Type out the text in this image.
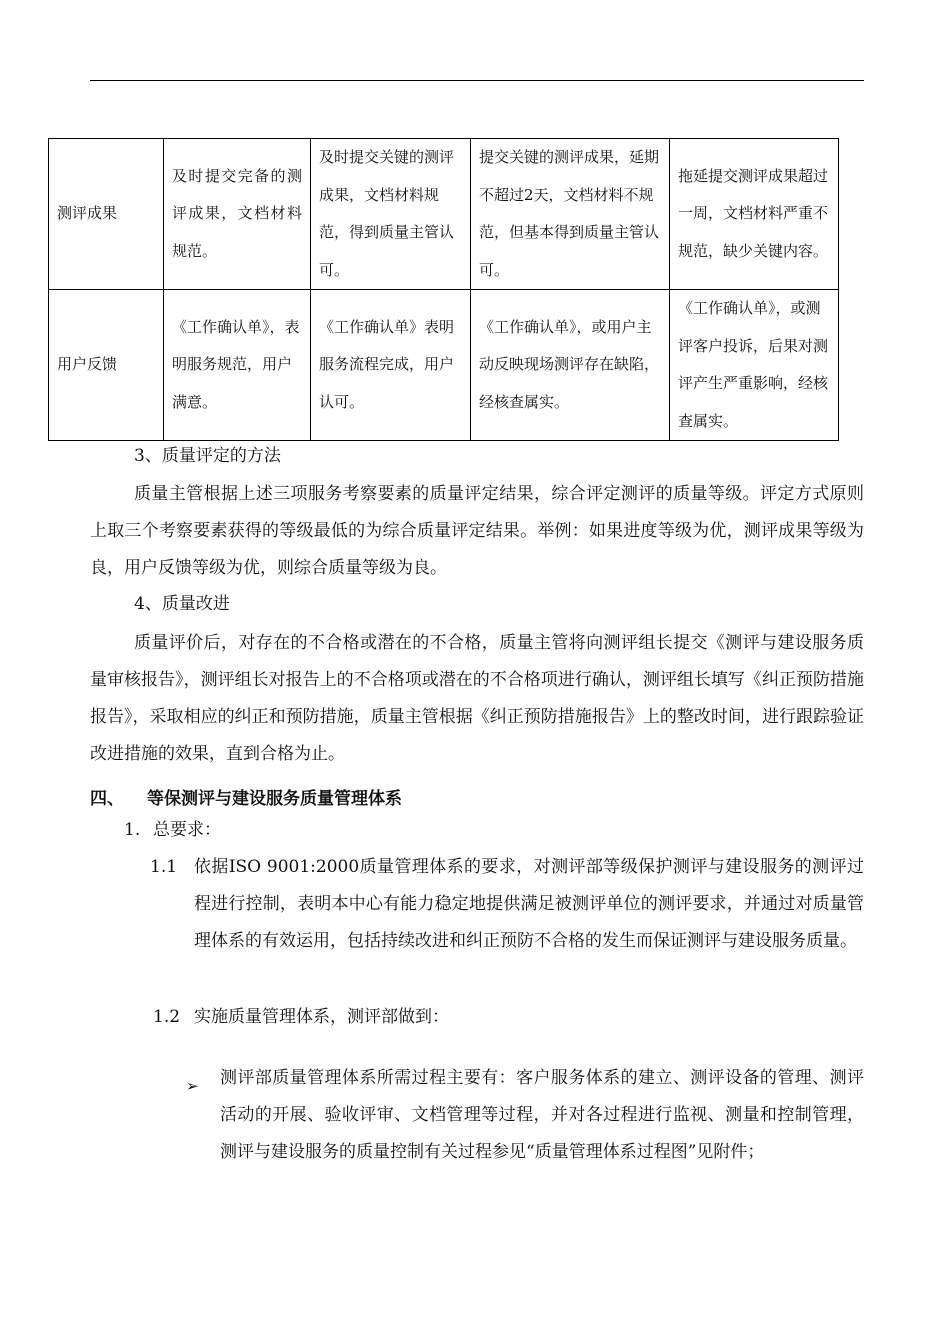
测评成果	及时提交完备的测评成果，文档材料规范。	及时提交关键的测评成果，文档材料规范，得到质量主管认可。	提交关键的测评成果，延期不超过2天，文档材料不规范，但基本得到质量主管认可。	拖延提交测评成果超过一周，文档材料严重不规范，缺少关键内容。
用户反馈	《工作确认单》，表明服务规范，用户满意。	《工作确认单》表明服务流程完成，用户认可。	《工作确认单》，或用户主动反映现场测评存在缺陷，经核查属实。	《工作确认单》，或测评客户投诉，后果对测评产生严重影响，经核查属实。

3、质量评定的方法

质量主管根据上述三项服务考察要素的质量评定结果，综合评定测评的质量等级。评定方式原则上取三个考察要素获得的等级最低的为综合质量评定结果。举例：如果进度等级为优，测评成果等级为良，用户反馈等级为优，则综合质量等级为良。

4、质量改进

质量评价后，对存在的不合格或潜在的不合格，质量主管将向测评组长提交《测评与建设服务质量审核报告》，测评组长对报告上的不合格项或潜在的不合格项进行确认，测评组长填写《纠正预防措施报告》，采取相应的纠正和预防措施，质量主管根据《纠正预防措施报告》上的整改时间，进行跟踪验证改进措施的效果，直到合格为止。

四、 等保测评与建设服务质量管理体系

1. 总要求：

1.1 依据ISO 9001:2000质量管理体系的要求，对测评部等级保护测评与建设服务的测评过程进行控制，表明本中心有能力稳定地提供满足被测评单位的测评要求，并通过对质量管理体系的有效运用，包括持续改进和纠正预防不合格的发生而保证测评与建设服务质量。

1.2 实施质量管理体系，测评部做到：

➢ 测评部质量管理体系所需过程主要有：客户服务体系的建立、测评设备的管理、测评活动的开展、验收评审、文档管理等过程，并对各过程进行监视、测量和控制管理，测评与建设服务的质量控制有关过程参见“质量管理体系过程图”见附件；
